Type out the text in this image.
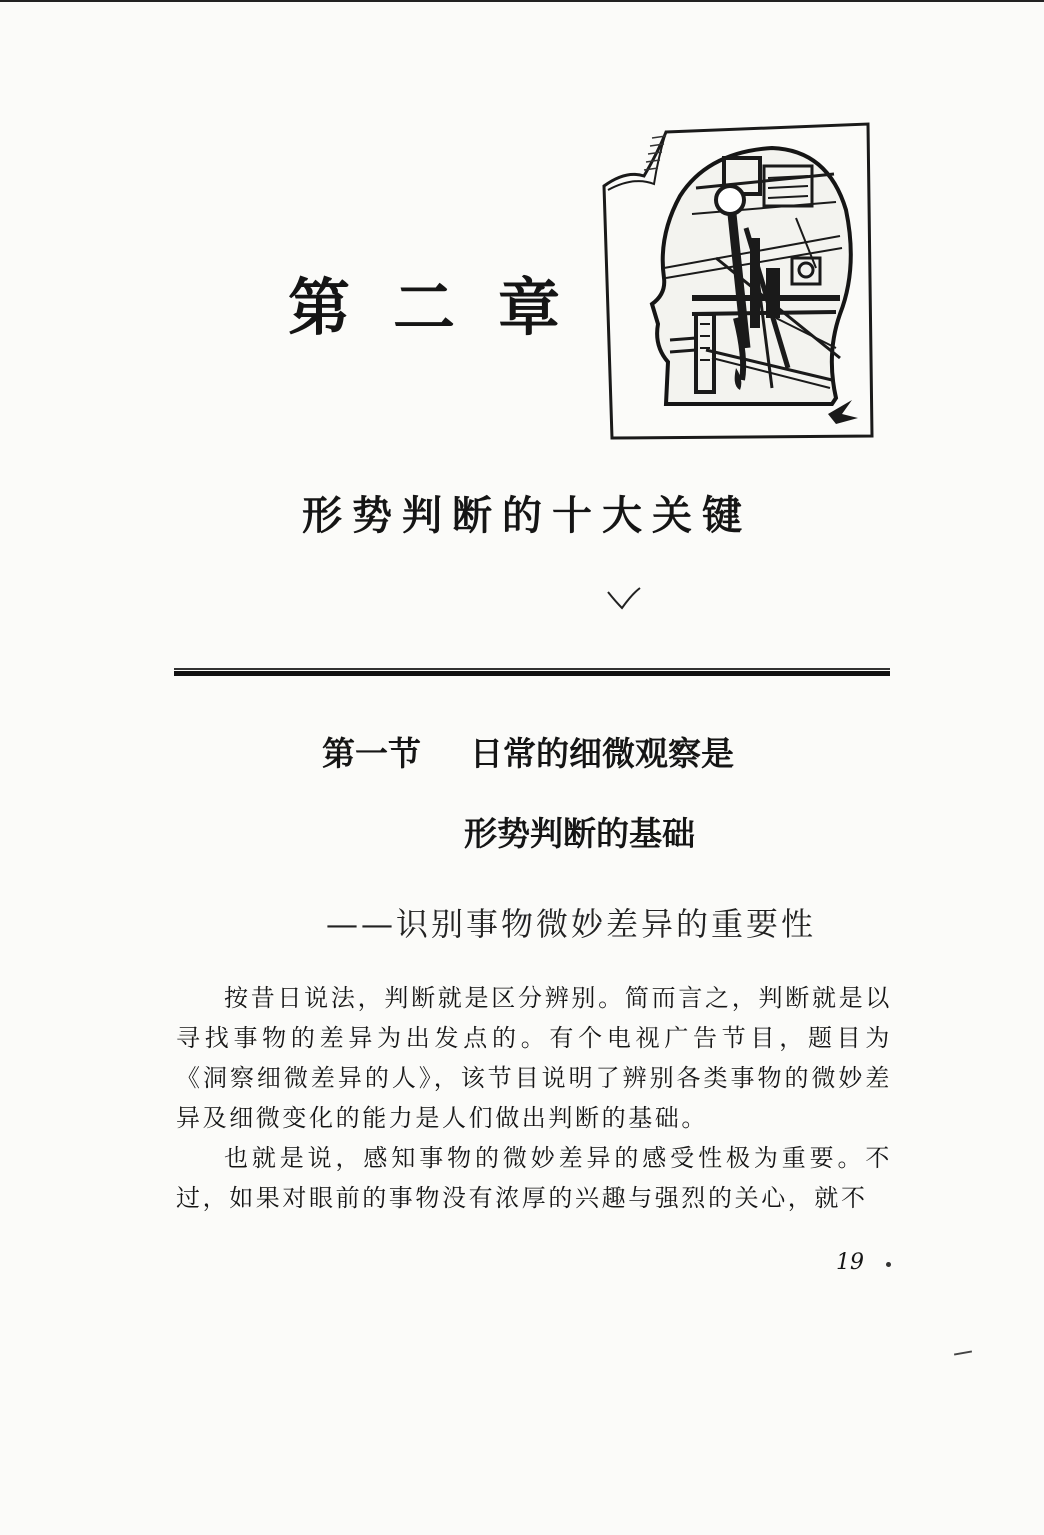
第 二 章
形势判断的十大关键
第一节 日常的细微观察是
形势判断的基础
——识别事物微妙差异的重要性

按昔日说法，判断就是区分辨别。简而言之，判断就是以寻找事物的差异为出发点的。有个电视广告节目，题目为《洞察细微差异的人》，该节目说明了辨别各类事物的微妙差异及细微变化的能力是人们做出判断的基础。

也就是说，感知事物的微妙差异的感受性极为重要。不过，如果对眼前的事物没有浓厚的兴趣与强烈的关心，就不

19
